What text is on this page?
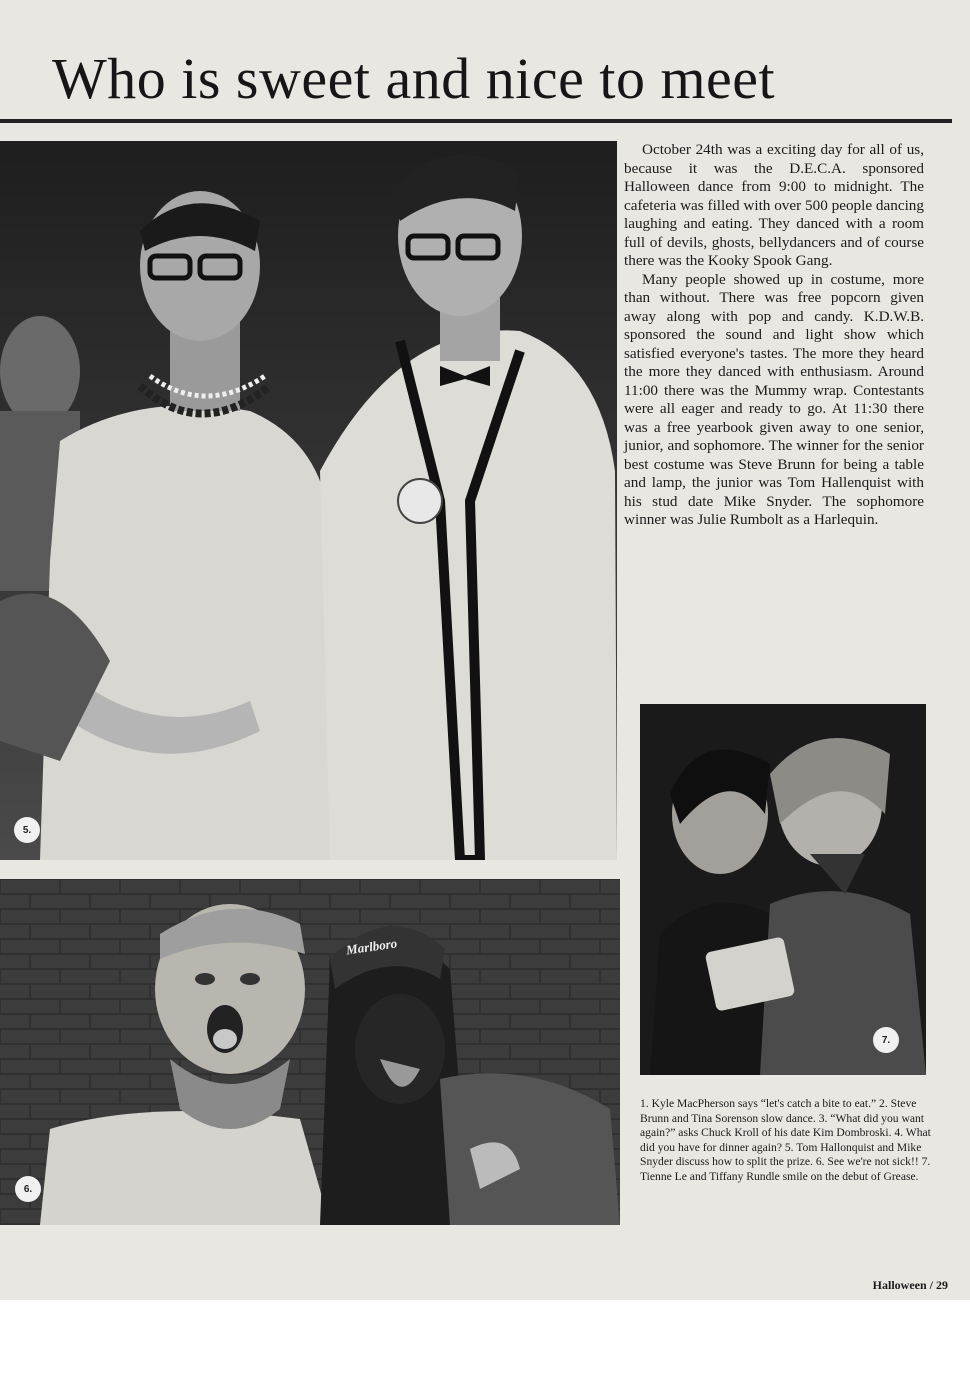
Who is sweet and nice to meet
5.

October 24th was a exciting day for all of us, because it was the D.E.C.A. sponsored Halloween dance from 9:00 to midnight. The cafeteria was filled with over 500 people dancing laughing and eating. They danced with a room full of devils, ghosts, bellydancers and of course there was the Kooky Spook Gang.

Many people showed up in costume, more than without. There was free popcorn given away along with pop and candy. K.D.W.B. sponsored the sound and light show which satisfied everyone's tastes. The more they heard the more they danced with enthusiasm. Around 11:00 there was the Mummy wrap. Contestants were all eager and ready to go. At 11:30 there was a free yearbook given away to one senior, junior, and sophomore. The winner for the senior best costume was Steve Brunn for being a table and lamp, the junior was Tom Hallenquist with his stud date Mike Snyder. The sophomore winner was Julie Rumbolt as a Harlequin.

Marlboro
6.
7.
1. Kyle MacPherson says “let's catch a bite to eat.” 2. Steve Brunn and Tina Sorenson slow dance. 3. “What did you want again?” asks Chuck Kroll of his date Kim Dombroski. 4. What did you have for dinner again? 5. Tom Hallonquist and Mike Snyder discuss how to split the prize. 6. See we're not sick!! 7. Tienne Le and Tiffany Rundle smile on the debut of Grease.
Halloween / 29
